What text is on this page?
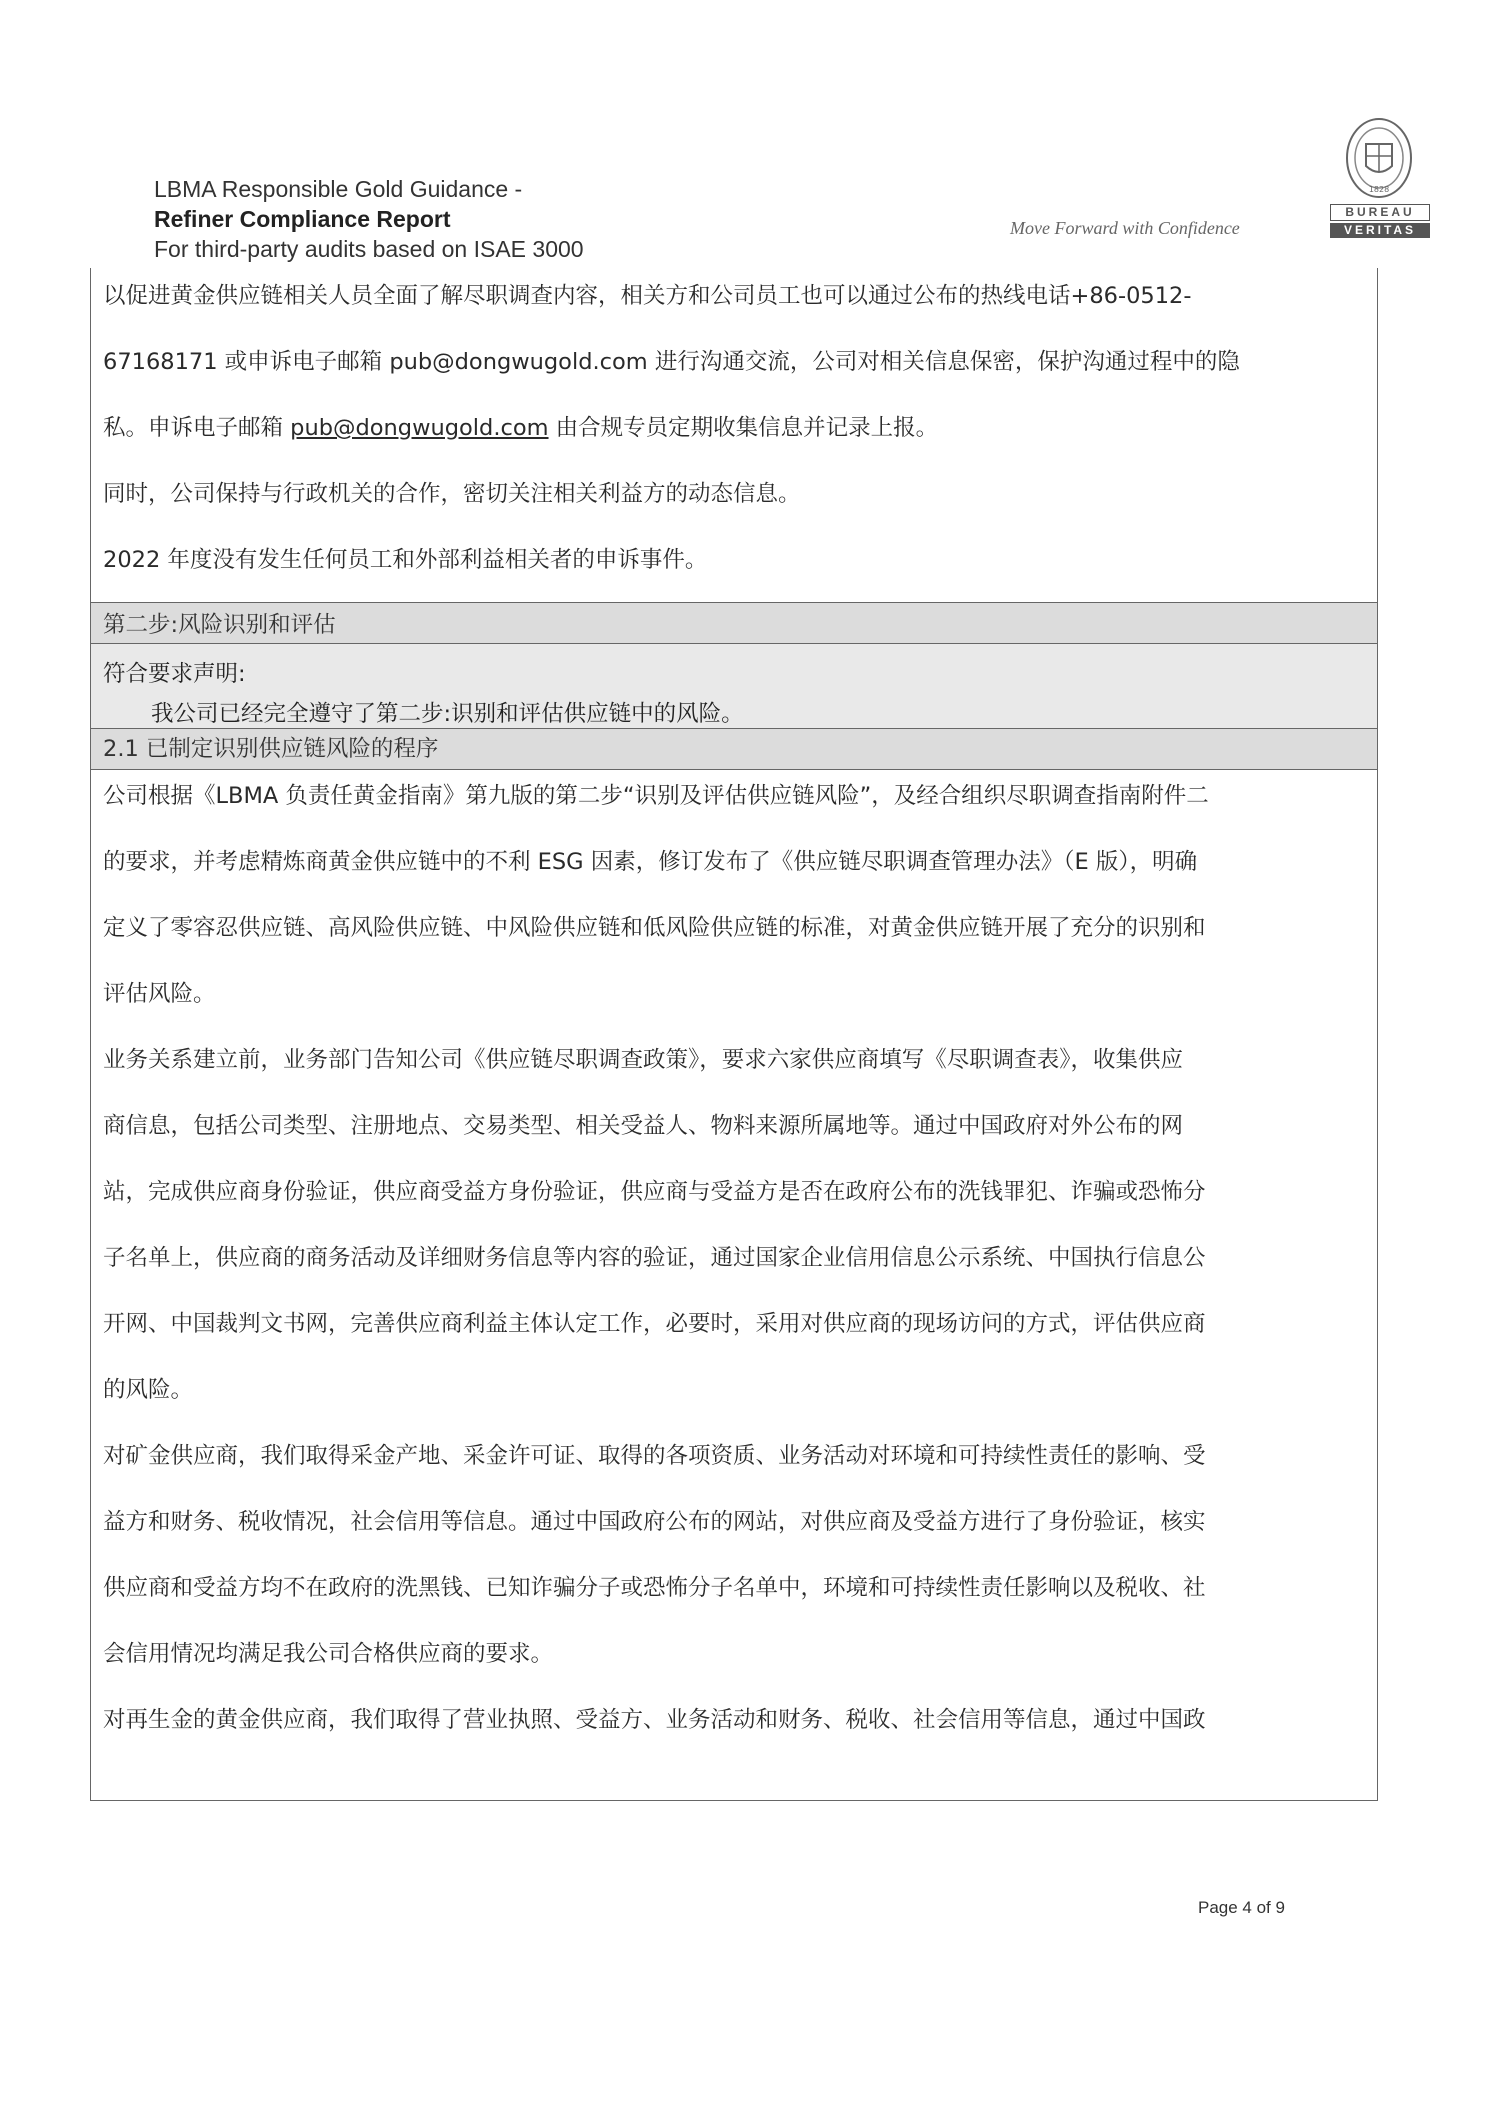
LBMA Responsible Gold Guidance -
Refiner Compliance Report
For third-party audits based on ISAE 3000
Move Forward with Confidence
1828
BUREAU
VERITAS
以促进黄金供应链相关人员全面了解尽职调查内容，相关方和公司员工也可以通过公布的热线电话+86-0512-
67168171 或申诉电子邮箱 pub@dongwugold.com 进行沟通交流，公司对相关信息保密，保护沟通过程中的隐
私。申诉电子邮箱 pub@dongwugold.com 由合规专员定期收集信息并记录上报。
同时，公司保持与行政机关的合作，密切关注相关利益方的动态信息。
2022 年度没有发生任何员工和外部利益相关者的申诉事件。
第二步:风险识别和评估
符合要求声明:
我公司已经完全遵守了第二步:识别和评估供应链中的风险。
2.1 已制定识别供应链风险的程序
公司根据《LBMA 负责任黄金指南》第九版的第二步“识别及评估供应链风险”，及经合组织尽职调查指南附件二
的要求，并考虑精炼商黄金供应链中的不利 ESG 因素，修订发布了《供应链尽职调查管理办法》（E 版），明确
定义了零容忍供应链、高风险供应链、中风险供应链和低风险供应链的标准，对黄金供应链开展了充分的识别和
评估风险。
业务关系建立前，业务部门告知公司《供应链尽职调查政策》，要求六家供应商填写《尽职调查表》，收集供应
商信息，包括公司类型、注册地点、交易类型、相关受益人、物料来源所属地等。通过中国政府对外公布的网
站，完成供应商身份验证，供应商受益方身份验证，供应商与受益方是否在政府公布的洗钱罪犯、诈骗或恐怖分
子名单上，供应商的商务活动及详细财务信息等内容的验证，通过国家企业信用信息公示系统、中国执行信息公
开网、中国裁判文书网，完善供应商利益主体认定工作，必要时，采用对供应商的现场访问的方式，评估供应商
的风险。
对矿金供应商，我们取得采金产地、采金许可证、取得的各项资质、业务活动对环境和可持续性责任的影响、受
益方和财务、税收情况，社会信用等信息。通过中国政府公布的网站，对供应商及受益方进行了身份验证，核实
供应商和受益方均不在政府的洗黑钱、已知诈骗分子或恐怖分子名单中，环境和可持续性责任影响以及税收、社
会信用情况均满足我公司合格供应商的要求。
对再生金的黄金供应商，我们取得了营业执照、受益方、业务活动和财务、税收、社会信用等信息，通过中国政
Page 4 of 9
